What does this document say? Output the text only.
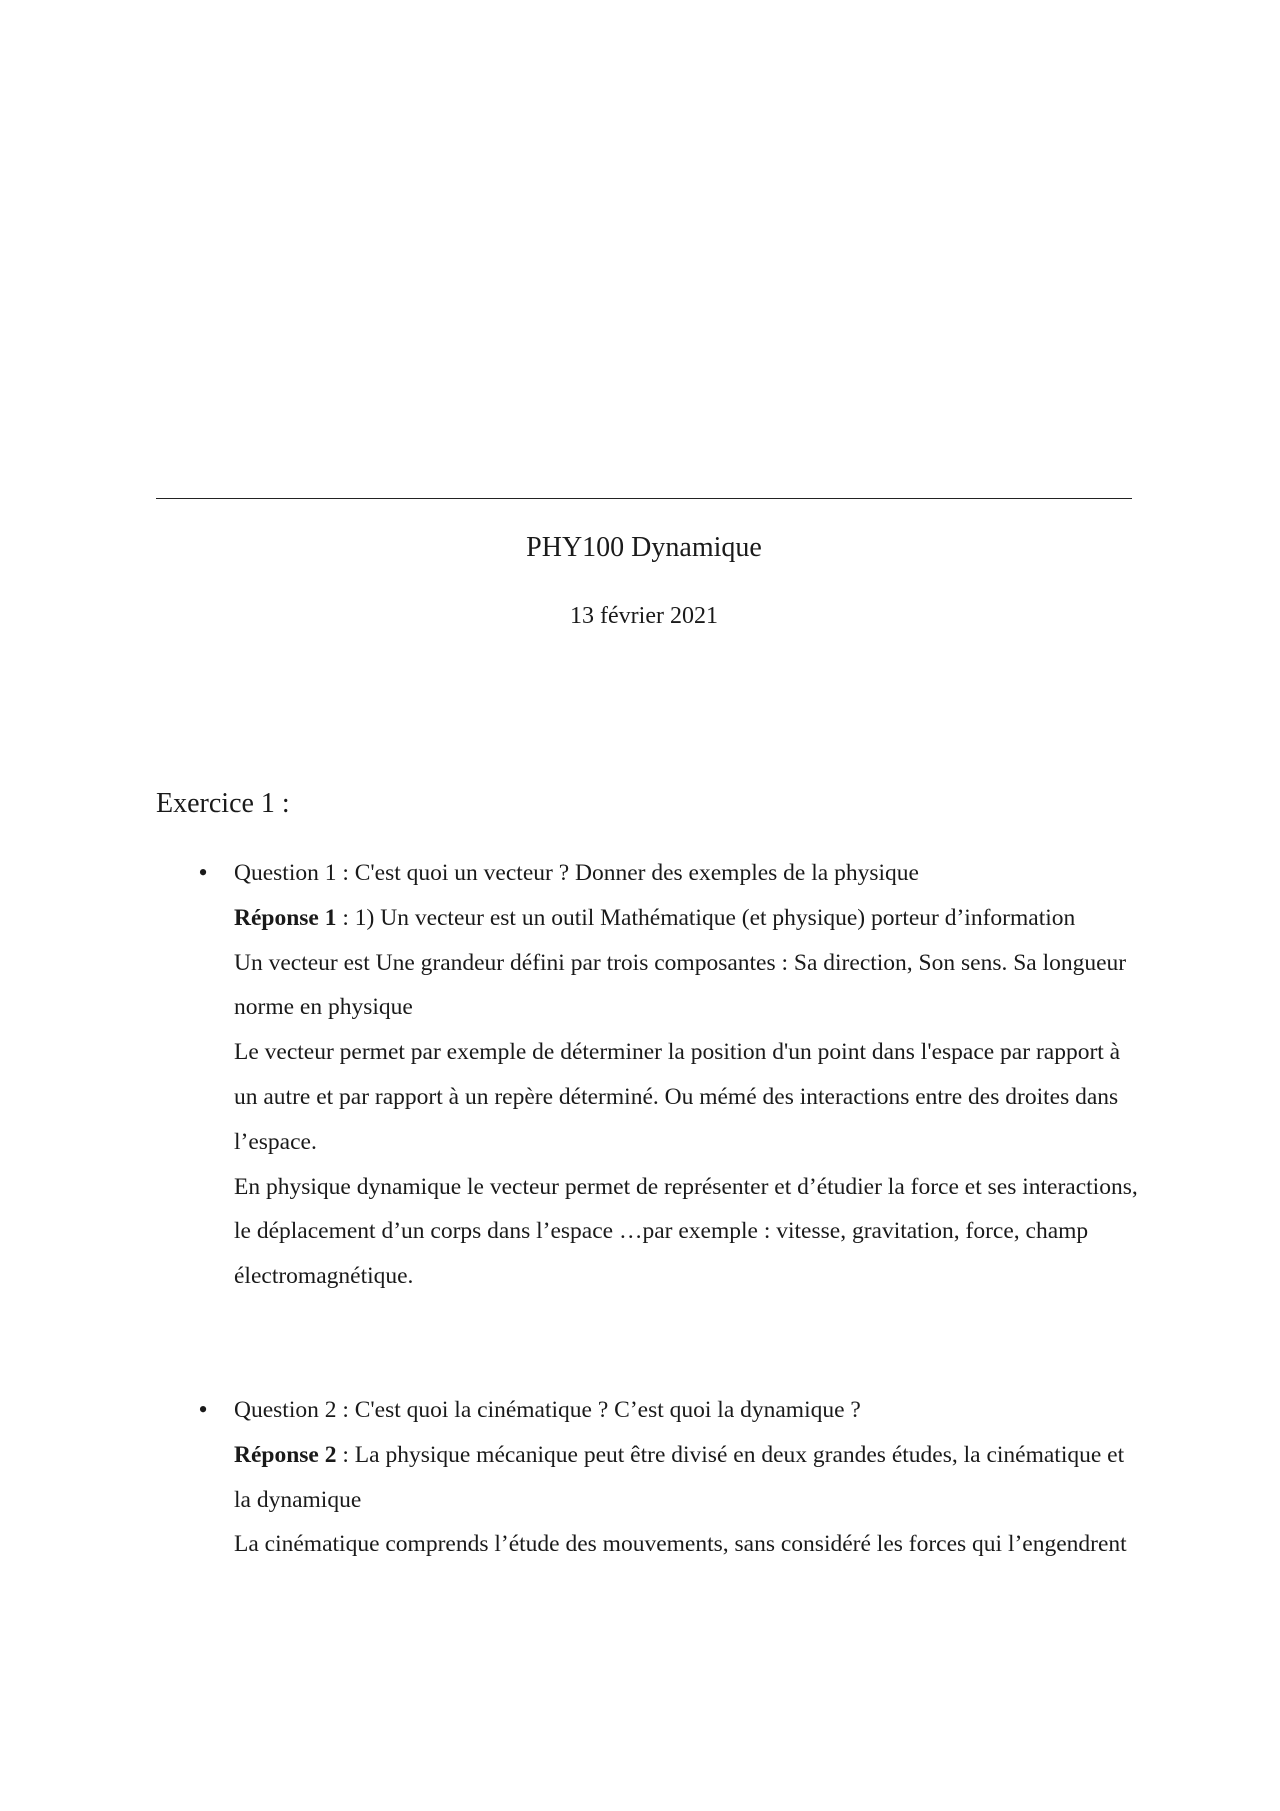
PHY100 Dynamique
13 février 2021
Exercice 1 :
• Question 1 : C'est quoi un vecteur ? Donner des exemples de la physique

Réponse 1 : 1) Un vecteur est un outil Mathématique (et physique) porteur d’information

Un vecteur est Une grandeur défini par trois composantes : Sa direction, Son sens. Sa longueur norme en physique

Le vecteur permet par exemple de déterminer la position d'un point dans l'espace par rapport à un autre et par rapport à un repère déterminé. Ou mémé des interactions entre des droites dans l’espace.

En physique dynamique le vecteur permet de représenter et d’étudier la force et ses interactions, le déplacement d’un corps dans l’espace …par exemple : vitesse, gravitation, force, champ électromagnétique.

• Question 2 : C'est quoi la cinématique ? C’est quoi la dynamique ?

Réponse 2 : La physique mécanique peut être divisé en deux grandes études, la cinématique et la dynamique

La cinématique comprends l’étude des mouvements, sans considéré les forces qui l’engendrent
